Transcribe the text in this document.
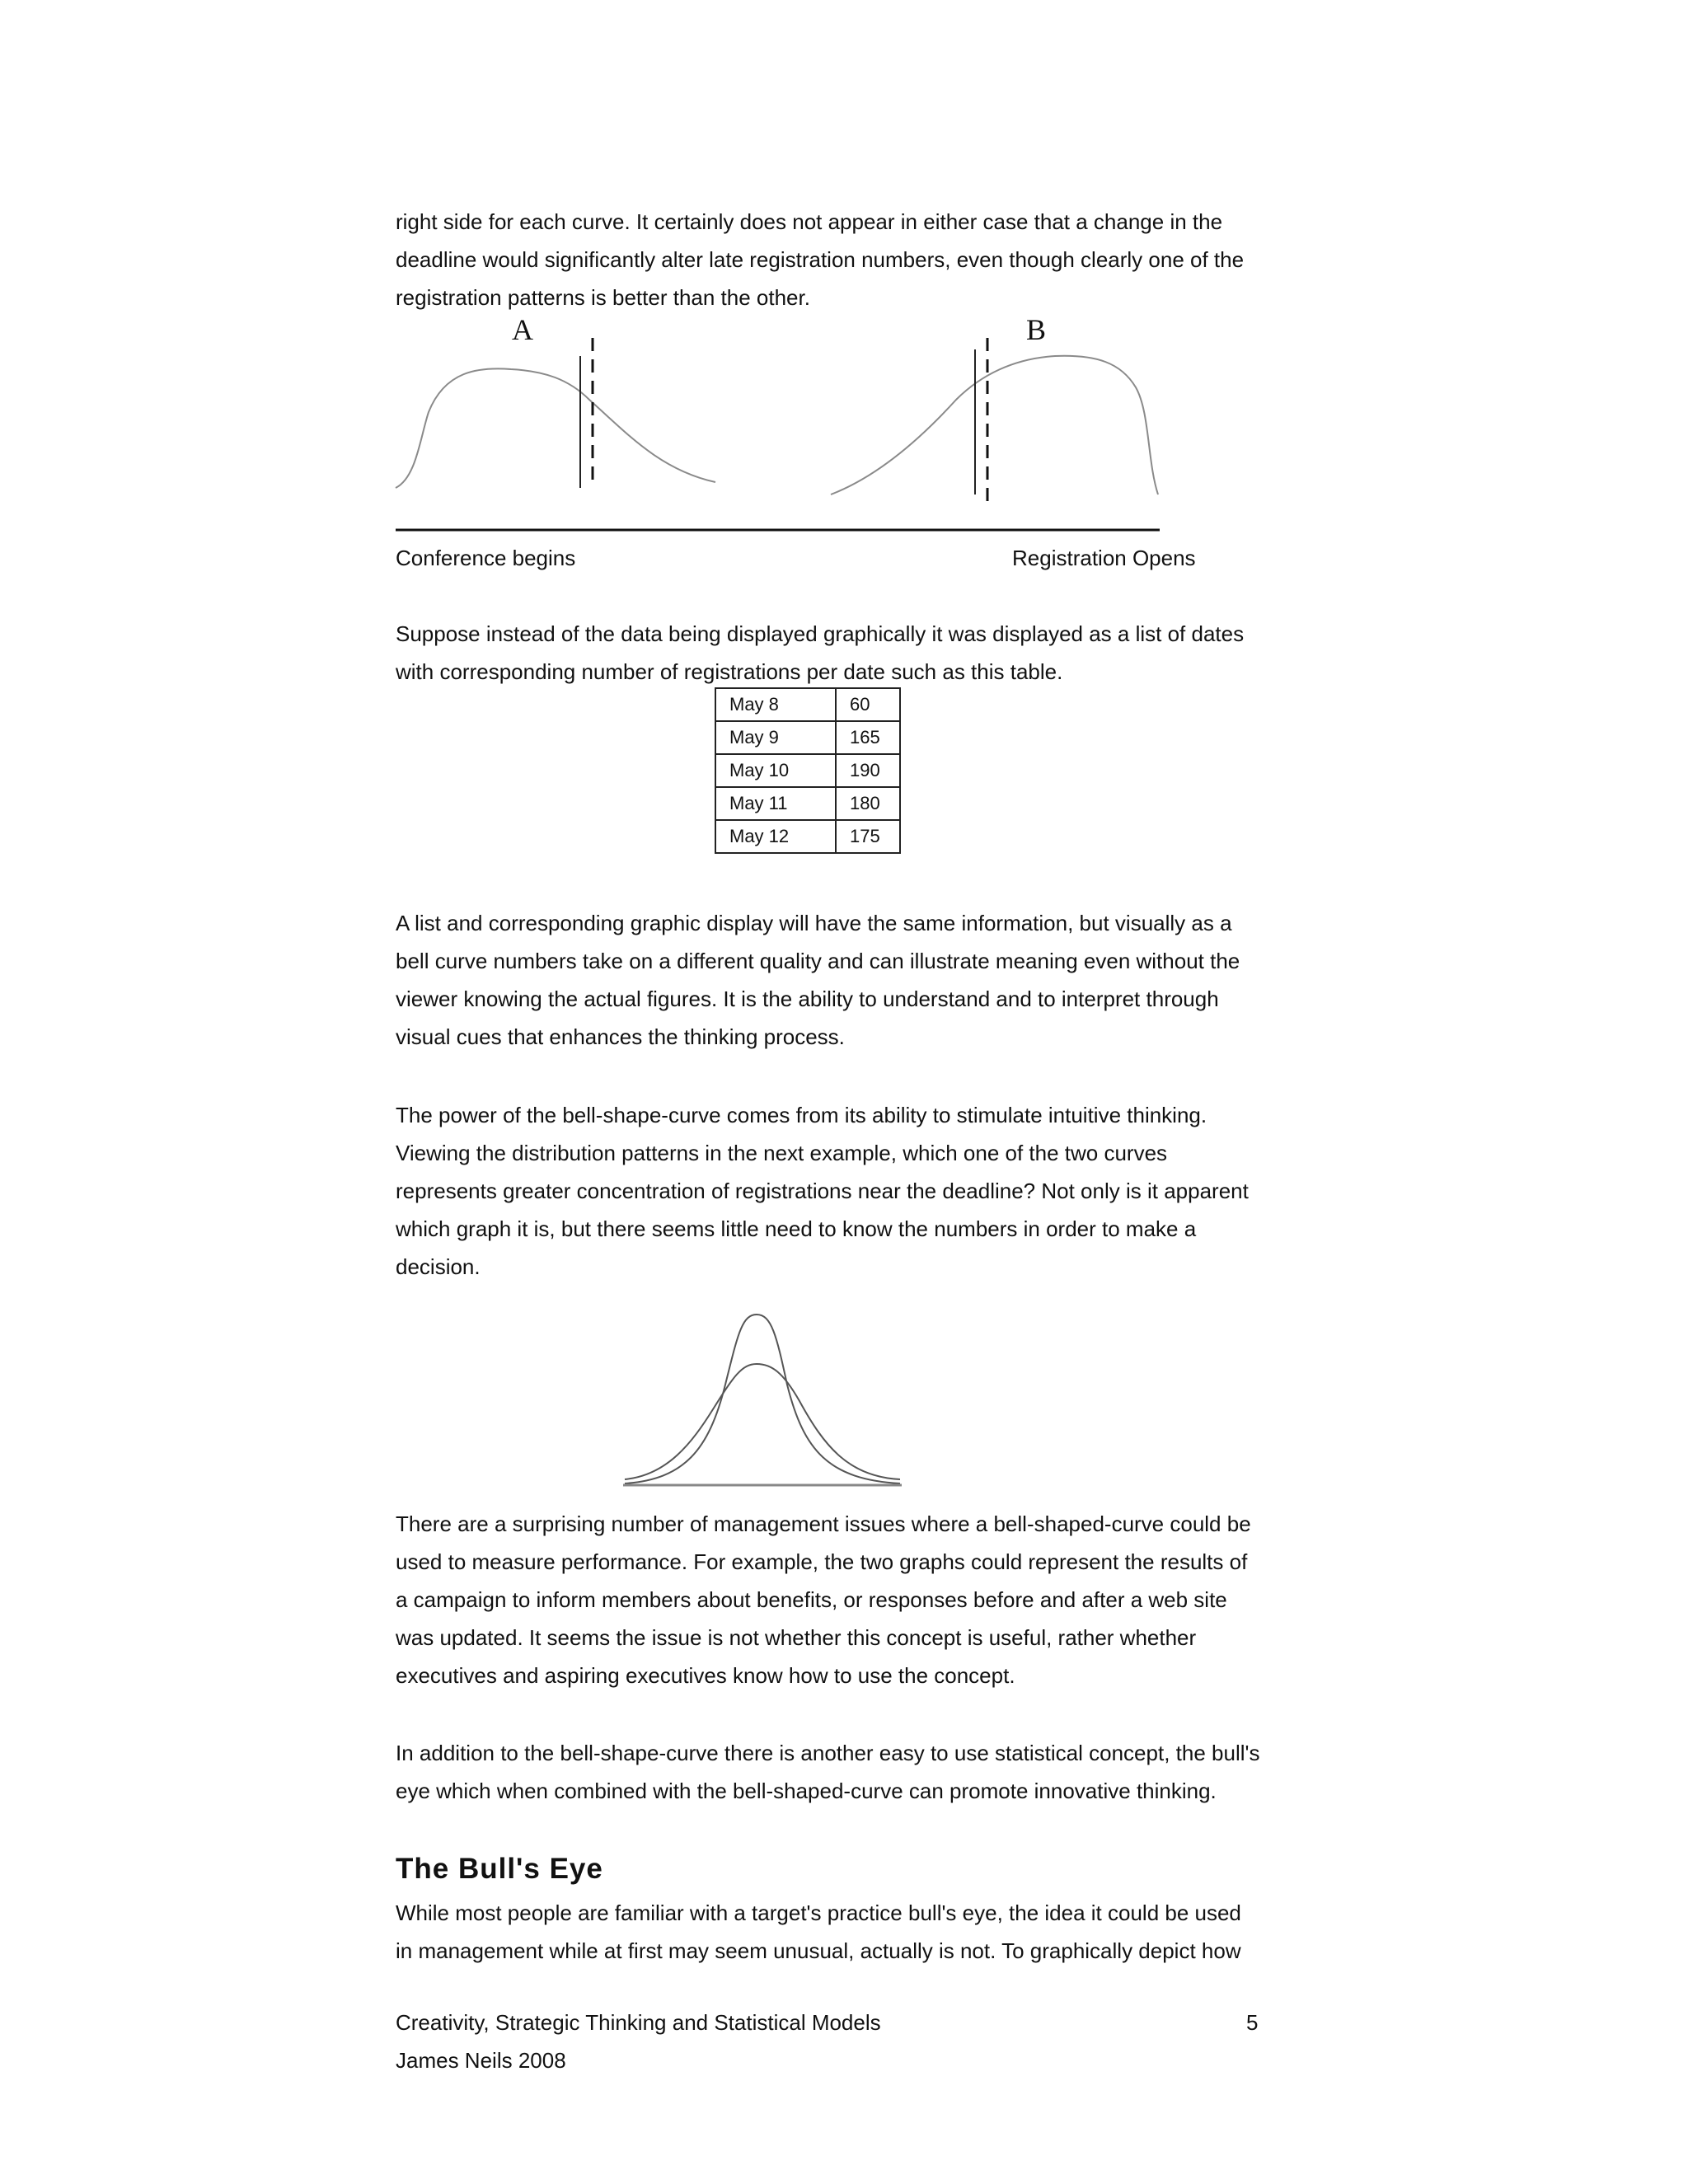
right side for each curve. It certainly does not appear in either case that a change in the
deadline would significantly alter late registration numbers, even though clearly one of the
registration patterns is better than the other.

A	B
Conference begins	Registration Opens

Suppose instead of the data being displayed graphically it was displayed as a list of dates
with corresponding number of registrations per date such as this table.

May 8	60
May 9	165
May 10	190
May 11	180
May 12	175

A list and corresponding graphic display will have the same information, but visually as a
bell curve numbers take on a different quality and can illustrate meaning even without the
viewer knowing the actual figures. It is the ability to understand and to interpret through
visual cues that enhances the thinking process.

The power of the bell-shape-curve comes from its ability to stimulate intuitive thinking.
Viewing the distribution patterns in the next example, which one of the two curves
represents greater concentration of registrations near the deadline? Not only is it apparent
which graph it is, but there seems little need to know the numbers in order to make a
decision.

There are a surprising number of management issues where a bell-shaped-curve could be
used to measure performance. For example, the two graphs could represent the results of
a campaign to inform members about benefits, or responses before and after a web site
was updated. It seems the issue is not whether this concept is useful, rather whether
executives and aspiring executives know how to use the concept.

In addition to the bell-shape-curve there is another easy to use statistical concept, the bull's
eye which when combined with the bell-shaped-curve can promote innovative thinking.

The Bull's Eye

While most people are familiar with a target's practice bull's eye, the idea it could be used
in management while at first may seem unusual, actually is not. To graphically depict how

Creativity, Strategic Thinking and Statistical Models	5
James Neils 2008
